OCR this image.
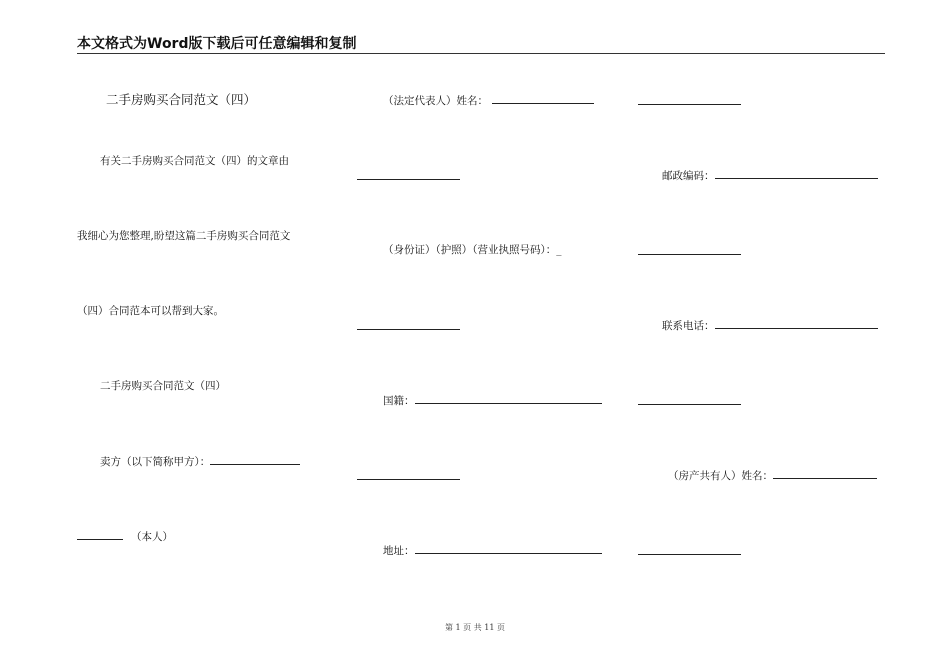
本文格式为Word版下载后可任意编辑和复制
二手房购买合同范文（四）
有关二手房购买合同范文（四）的文章由
我细心为您整理,盼望这篇二手房购买合同范文
（四）合同范本可以帮到大家。
二手房购买合同范文（四）
卖方（以下简称甲方）：
（本人）
（法定代表人）姓名：
（身份证）（护照）（营业执照号码）：_
国籍：
地址：
邮政编码：
联系电话：
（房产共有人）姓名：
第 1 页 共 11 页
